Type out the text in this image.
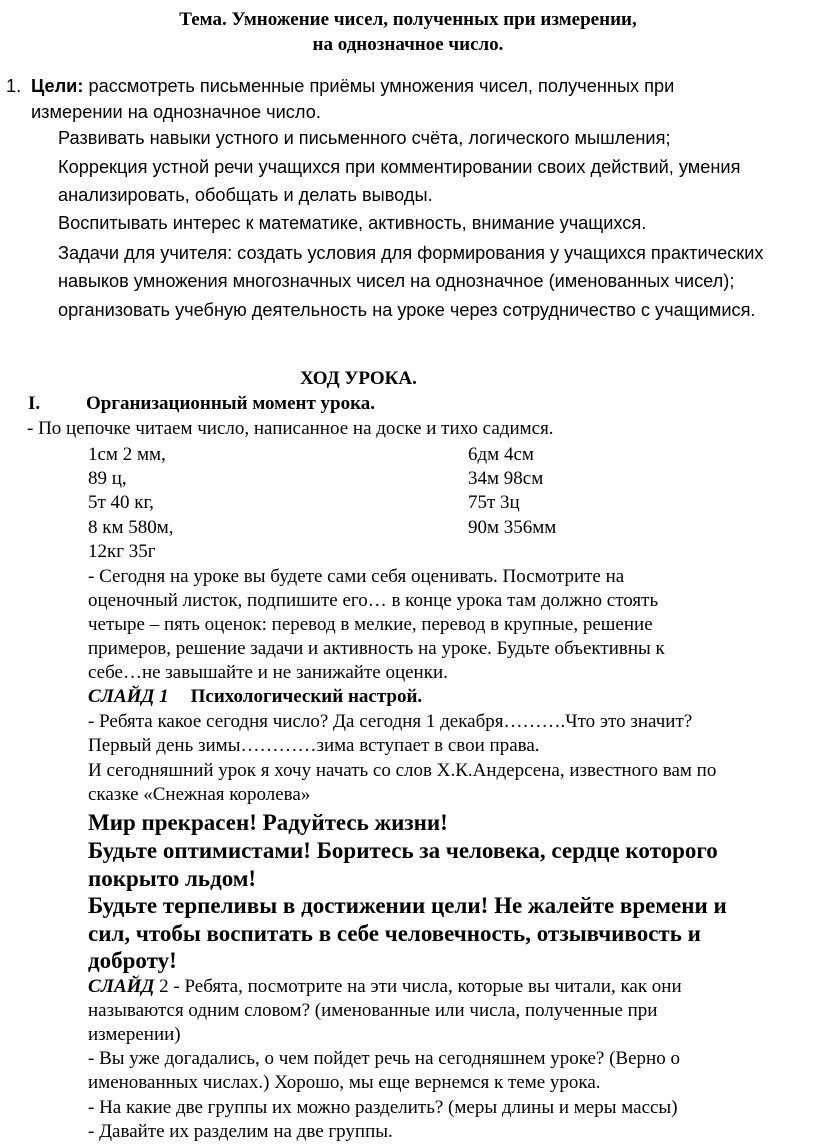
Тема. Умножение чисел, полученных при измерении,
на однозначное число.
1. Цели: рассмотреть письменные приёмы умножения чисел, полученных при
измерении на однозначное число.
Развивать навыки устного и письменного счёта, логического мышления;
Коррекция устной речи учащихся при комментировании своих действий, умения
анализировать, обобщать и делать выводы.
Воспитывать интерес к математике, активность, внимание учащихся.
Задачи для учителя: создать условия для формирования у учащихся практических
навыков умножения многозначных чисел на однозначное (именованных чисел);
организовать учебную деятельность на уроке через сотрудничество с учащимися.
ХОД УРОКА.
I. Организационный момент урока.
- По цепочке читаем число, написанное на доске и тихо садимся.
1см 2 мм,
89 ц,
5т 40 кг,
8 км 580м,
12кг 35г
6дм 4см
34м 98см
75т 3ц
90м 356мм
- Сегодня на уроке вы будете сами себя оценивать. Посмотрите на
оценочный листок, подпишите его… в конце урока там должно стоять
четыре – пять оценок: перевод в мелкие, перевод в крупные, решение
примеров, решение задачи и активность на уроке. Будьте объективны к
себе…не завышайте и не занижайте оценки.
СЛАЙД 1 Психологический настрой.
- Ребята какое сегодня число? Да сегодня 1 декабря……….Что это значит?
Первый день зимы…………зима вступает в свои права.
И сегодняшний урок я хочу начать со слов Х.К.Андерсена, известного вам по
сказке «Снежная королева»
Мир прекрасен! Радуйтесь жизни!
Будьте оптимистами! Боритесь за человека, сердце которого
покрыто льдом!
Будьте терпеливы в достижении цели! Не жалейте времени и
сил, чтобы воспитать в себе человечность, отзывчивость и
доброту!
СЛАЙД 2 - Ребята, посмотрите на эти числа, которые вы читали, как они
называются одним словом? (именованные или числа, полученные при
измерении)
- Вы уже догадались, о чем пойдет речь на сегодняшнем уроке? (Верно о
именованных числах.) Хорошо, мы еще вернемся к теме урока.
- На какие две группы их можно разделить? (меры длины и меры массы)
- Давайте их разделим на две группы.
